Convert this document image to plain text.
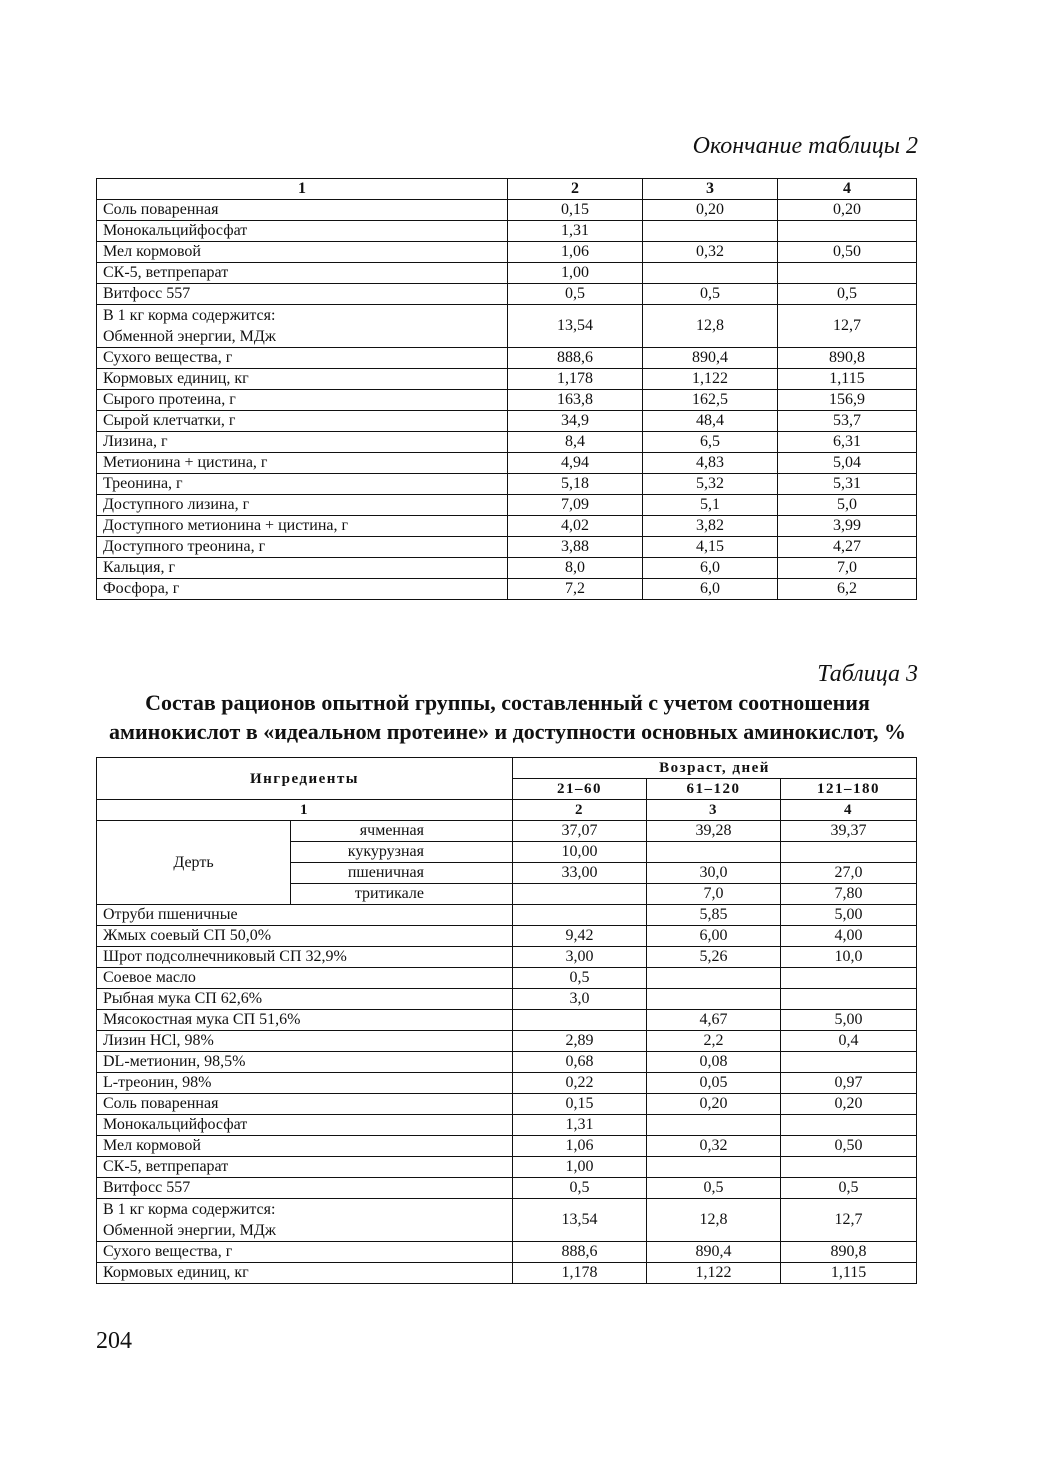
Окончание таблицы 2
1	2	3	4
Соль поваренная	0,15	0,20	0,20
Монокальцийфосфат	1,31		
Мел кормовой	1,06	0,32	0,50
СК-5, ветпрепарат	1,00		
Витфосс 557	0,5	0,5	0,5

В 1 кг корма содержится:
Обменной энергии, МДж	13,54	12,8	12,7
Сухого вещества, г	888,6	890,4	890,8
Кормовых единиц, кг	1,178	1,122	1,115
Сырого протеина, г	163,8	162,5	156,9
Сырой клетчатки, г	34,9	48,4	53,7
Лизина, г	8,4	6,5	6,31
Метионина + цистина, г	4,94	4,83	5,04
Треонина, г	5,18	5,32	5,31
Доступного лизина, г	7,09	5,1	5,0
Доступного метионина + цистина, г	4,02	3,82	3,99
Доступного треонина, г	3,88	4,15	4,27
Кальция, г	8,0	6,0	7,0
Фосфора, г	7,2	6,0	6,2
Таблица 3
Состав рационов опытной группы, составленный с учетом соотношения
аминокислот в «идеальном протеине» и доступности основных аминокислот, %
Ингредиенты		Возраст, дней		
		21–60	61–120	121–180
1		2	3	4
Дерть	ячменная	37,07	39,28	39,37
	кукурузная	10,00		
	пшеничная	33,00	30,0	27,0
	тритикале		7,0	7,80
Отруби пшеничные			5,85	5,00
Жмых соевый СП 50,0%		9,42	6,00	4,00
Шрот подсолнечниковый СП 32,9%		3,00	5,26	10,0
Соевое масло		0,5		
Рыбная мука СП 62,6%		3,0		
Мясокостная мука СП 51,6%			4,67	5,00
Лизин HCl, 98%		2,89	2,2	0,4
DL-метионин, 98,5%		0,68	0,08	
L-треонин, 98%		0,22	0,05	0,97
Соль поваренная		0,15	0,20	0,20
Монокальцийфосфат		1,31		
Мел кормовой		1,06	0,32	0,50
СК-5, ветпрепарат		1,00		
Витфосс 557		0,5	0,5	0,5

В 1 кг корма содержится:
Обменной энергии, МДж		13,54	12,8	12,7
Сухого вещества, г		888,6	890,4	890,8
Кормовых единиц, кг		1,178	1,122	1,115
204
